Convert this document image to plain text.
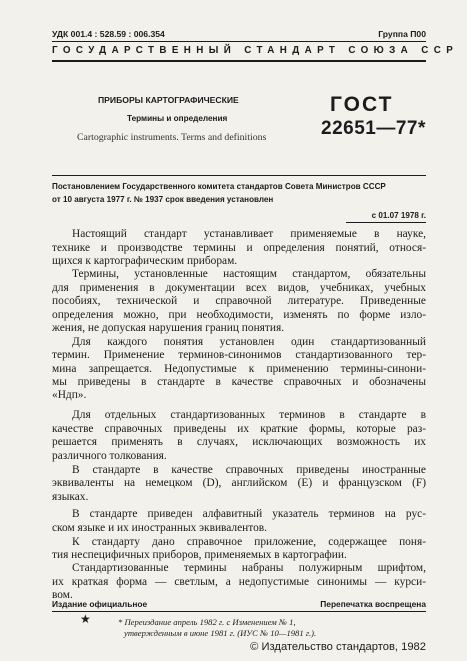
УДК 001.4 : 528.59 : 006.354	Группа П00
ГОСУДАРСТВЕННЫЙ СТАНДАРТ СОЮЗА ССР
ПРИБОРЫ КАРТОГРАФИЧЕСКИЕ
Термины и определения
Cartographic instruments. Terms and definitions
ГОСТ
22651—77*
Постановлением Государственного комитета стандартов Совета Министров СССР
от 10 августа 1977 г. № 1937 срок введения установлен
с 01.07 1978 г.
Настоящий стандарт устанавливает применяемые в науке,
технике и производстве термины и определения понятий, относя-
щихся к картографическим приборам.
Термины, установленные настоящим стандартом, обязательны
для применения в документации всех видов, учебниках, учебных
пособиях, технической и справочной литературе. Приведенные
определения можно, при необходимости, изменять по форме изло-
жения, не допуская нарушения границ понятия.
Для каждого понятия установлен один стандартизованный
термин. Применение терминов-синонимов стандартизованного тер-
мина запрещается. Недопустимые к применению термины-синони-
мы приведены в стандарте в качестве справочных и обозначены
«Ндп».
Для отдельных стандартизованных терминов в стандарте в
качестве справочных приведены их краткие формы, которые раз-
решается применять в случаях, исключающих возможность их
различного толкования.
В стандарте в качестве справочных приведены иностранные
эквиваленты на немецком (D), английском (E) и французском (F)
языках.
В стандарте приведен алфавитный указатель терминов на рус-
ском языке и их иностранных эквивалентов.
К стандарту дано справочное приложение, содержащее поня-
тия неспецифичных приборов, применяемых в картографии.
Стандартизованные термины набраны полужирным шрифтом,
их краткая форма — светлым, а недопустимые синонимы — курси-
вом.
Издание официальное	Перепечатка воспрещена
★	* Переиздание апрель 1982 г. с Изменением № 1,
утвержденным в июне 1981 г. (ИУС № 10—1981 г.).
© Издательство стандартов, 1982
